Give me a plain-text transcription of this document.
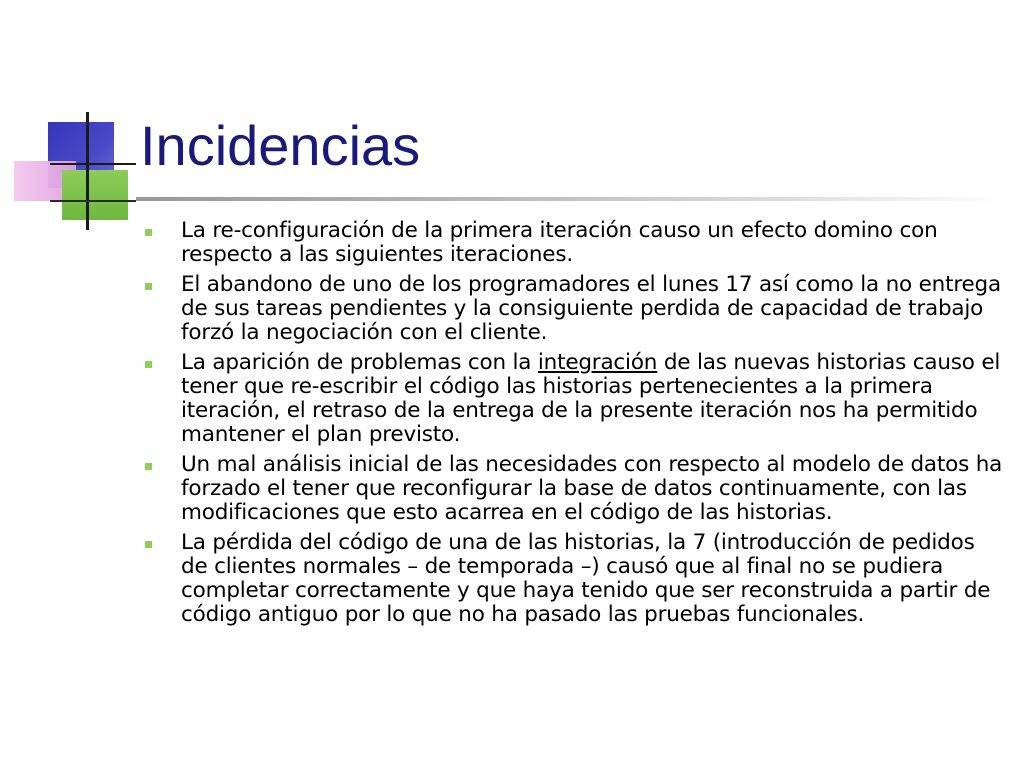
Incidencias
La re-configuración de la primera iteración causo un efecto domino con respecto a las siguientes iteraciones.
El abandono de uno de los programadores el lunes 17 así como la no entrega de sus tareas pendientes y la consiguiente perdida de capacidad de trabajo forzó la negociación con el cliente.
La aparición de problemas con la integración de las nuevas historias causo el tener que re-escribir el código las historias pertenecientes a la primera iteración, el retraso de la entrega de la presente iteración nos ha permitido mantener el plan previsto.
Un mal análisis inicial de las necesidades con respecto al modelo de datos ha forzado el tener que reconfigurar la base de datos continuamente, con las modificaciones que esto acarrea en el código de las historias.
La pérdida del código de una de las historias, la 7 (introducción de pedidos de clientes normales – de temporada –) causó que al final no se pudiera completar correctamente y que haya tenido que ser reconstruida a partir de código antiguo por lo que no ha pasado las pruebas funcionales.
